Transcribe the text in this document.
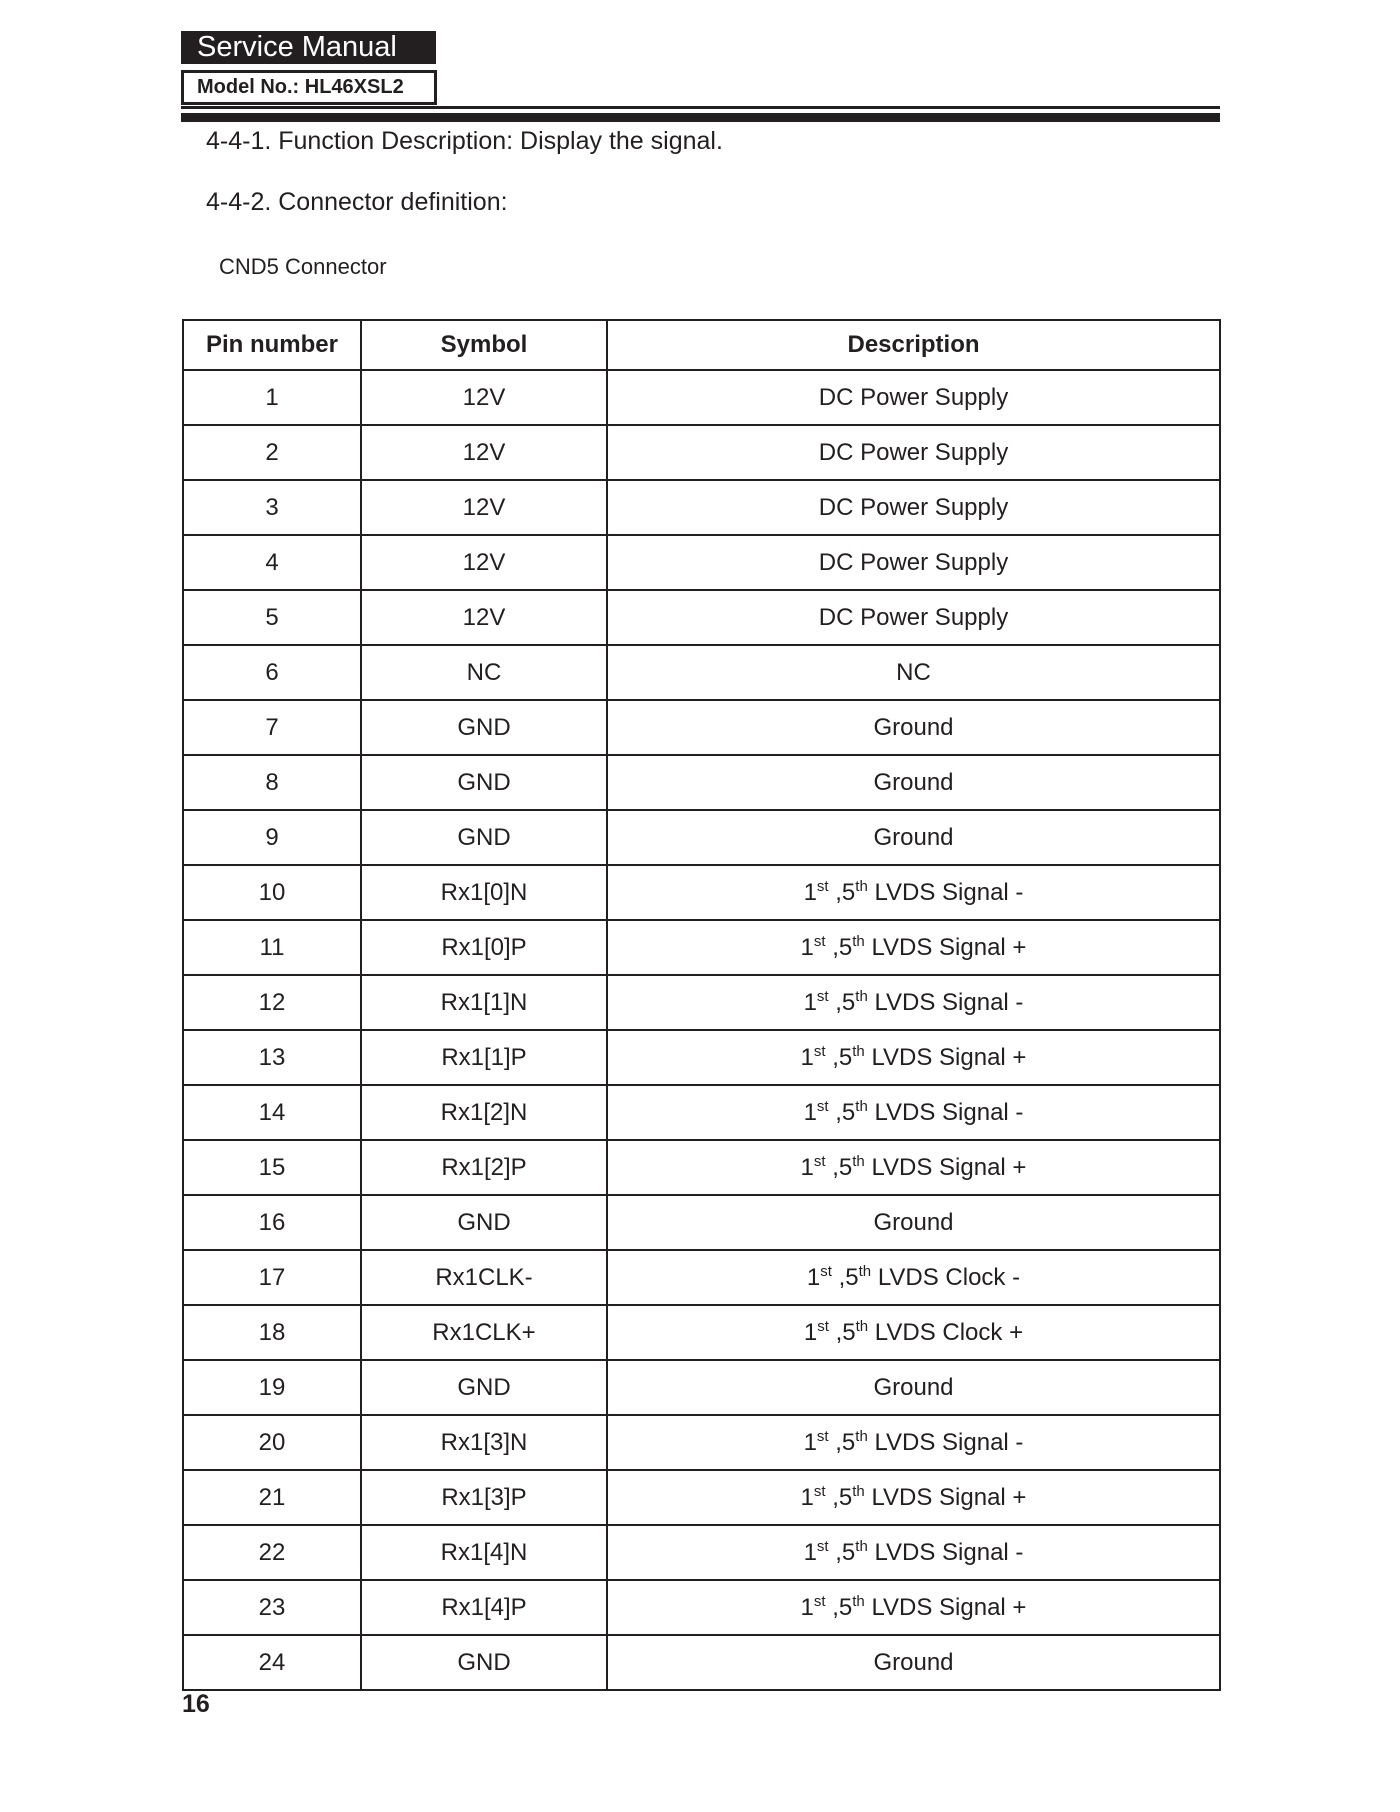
Service Manual
Model No.: HL46XSL2
4-4-1. Function Description: Display the signal.
4-4-2. Connector definition:
CND5 Connector
Pin number	Symbol	Description
1	12V	DC Power Supply
2	12V	DC Power Supply
3	12V	DC Power Supply
4	12V	DC Power Supply
5	12V	DC Power Supply
6	NC	NC
7	GND	Ground
8	GND	Ground
9	GND	Ground
10	Rx1[0]N	1st ,5th LVDS Signal -
11	Rx1[0]P	1st ,5th LVDS Signal +
12	Rx1[1]N	1st ,5th LVDS Signal -
13	Rx1[1]P	1st ,5th LVDS Signal +
14	Rx1[2]N	1st ,5th LVDS Signal -
15	Rx1[2]P	1st ,5th LVDS Signal +
16	GND	Ground
17	Rx1CLK-	1st ,5th LVDS Clock -
18	Rx1CLK+	1st ,5th LVDS Clock +
19	GND	Ground
20	Rx1[3]N	1st ,5th LVDS Signal -
21	Rx1[3]P	1st ,5th LVDS Signal +
22	Rx1[4]N	1st ,5th LVDS Signal -
23	Rx1[4]P	1st ,5th LVDS Signal +
24	GND	Ground
16
